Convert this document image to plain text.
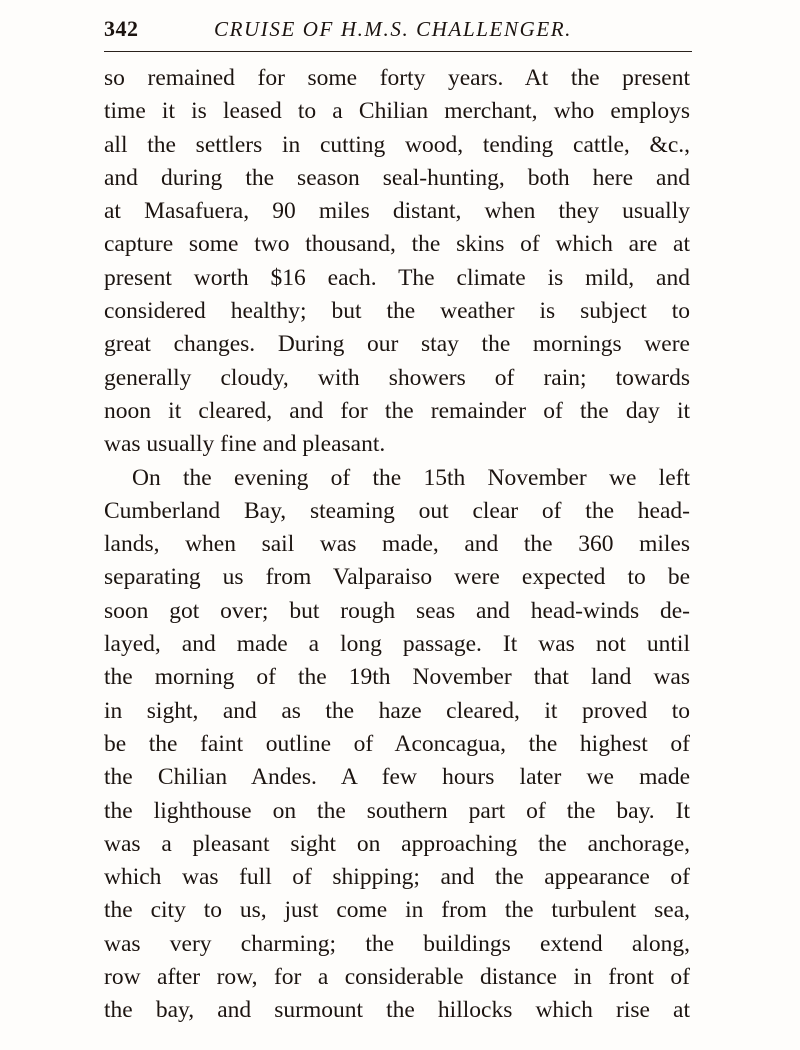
342	CRUISE OF H.M.S. CHALLENGER.
so remained for some forty years. At the present
time it is leased to a Chilian merchant, who employs
all the settlers in cutting wood, tending cattle, &c.,
and during the season seal-hunting, both here and
at Masafuera, 90 miles distant, when they usually
capture some two thousand, the skins of which are at
present worth $16 each. The climate is mild, and
considered healthy; but the weather is subject to
great changes. During our stay the mornings were
generally cloudy, with showers of rain; towards
noon it cleared, and for the remainder of the day it
was usually fine and pleasant.
On the evening of the 15th November we left
Cumberland Bay, steaming out clear of the head-
lands, when sail was made, and the 360 miles
separating us from Valparaiso were expected to be
soon got over; but rough seas and head-winds de-
layed, and made a long passage. It was not until
the morning of the 19th November that land was
in sight, and as the haze cleared, it proved to
be the faint outline of Aconcagua, the highest of
the Chilian Andes. A few hours later we made
the lighthouse on the southern part of the bay. It
was a pleasant sight on approaching the anchorage,
which was full of shipping; and the appearance of
the city to us, just come in from the turbulent sea,
was very charming; the buildings extend along,
row after row, for a considerable distance in front of
the bay, and surmount the hillocks which rise at
